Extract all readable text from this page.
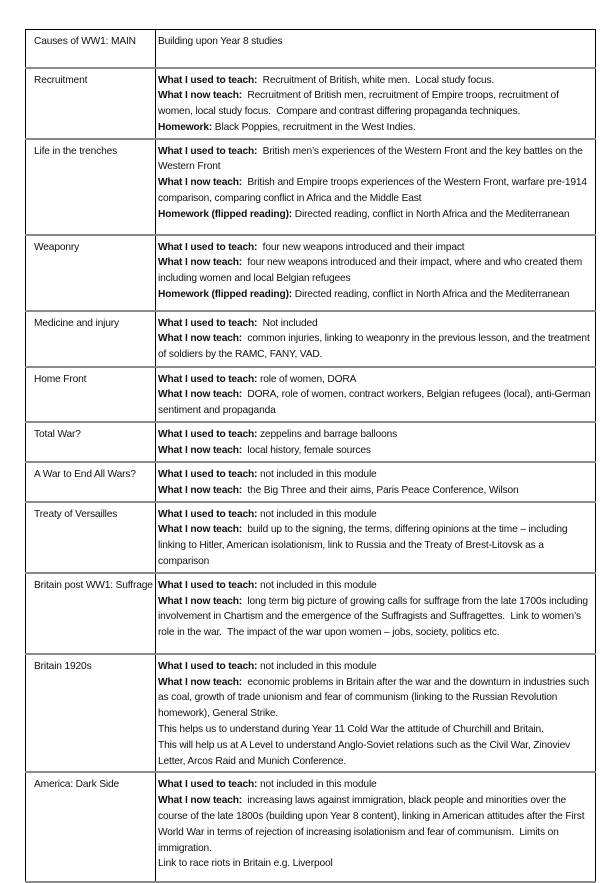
Causes of WW1: MAIN	Building upon Year 8 studies

Recruitment	What I used to teach:  Recruitment of British, white men.  Local study focus.
What I now teach:  Recruitment of British men, recruitment of Empire troops, recruitment of women, local study focus.  Compare and contrast differing propaganda techniques.
Homework: Black Poppies, recruitment in the West Indies.

Life in the trenches	What I used to teach:  British men’s experiences of the Western Front and the key battles on the Western Front
What I now teach:  British and Empire troops experiences of the Western Front, warfare pre-1914 comparison, comparing conflict in Africa and the Middle East
Homework (flipped reading): Directed reading, conflict in North Africa and the Mediterranean

Weaponry	What I used to teach:  four new weapons introduced and their impact
What I now teach:  four new weapons introduced and their impact, where and who created them including women and local Belgian refugees
Homework (flipped reading): Directed reading, conflict in North Africa and the Mediterranean

Medicine and injury	What I used to teach:  Not included
What I now teach:  common injuries, linking to weaponry in the previous lesson, and the treatment of soldiers by the RAMC, FANY, VAD.

Home Front	What I used to teach: role of women, DORA
What I now teach:  DORA, role of women, contract workers, Belgian refugees (local), anti-German sentiment and propaganda

Total War?	What I used to teach: zeppelins and barrage balloons
What I now teach:  local history, female sources

A War to End All Wars?	What I used to teach: not included in this module
What I now teach:  the Big Three and their aims, Paris Peace Conference, Wilson

Treaty of Versailles	What I used to teach: not included in this module
What I now teach:  build up to the signing, the terms, differing opinions at the time – including linking to Hitler, American isolationism, link to Russia and the Treaty of Brest-Litovsk as a comparison

Britain post WW1: Suffrage	What I used to teach: not included in this module
What I now teach:  long term big picture of growing calls for suffrage from the late 1700s including involvement in Chartism and the emergence of the Suffragists and Suffragettes.  Link to women’s role in the war.  The impact of the war upon women – jobs, society, politics etc.

Britain 1920s	What I used to teach: not included in this module
What I now teach:  economic problems in Britain after the war and the downturn in industries such as coal, growth of trade unionism and fear of communism (linking to the Russian Revolution homework), General Strike.
This helps us to understand during Year 11 Cold War the attitude of Churchill and Britain.
This will help us at A Level to understand Anglo-Soviet relations such as the Civil War, Zinoviev Letter, Arcos Raid and Munich Conference.

America: Dark Side	What I used to teach: not included in this module
What I now teach:  increasing laws against immigration, black people and minorities over the course of the late 1800s (building upon Year 8 content), linking in American attitudes after the First World War in terms of rejection of increasing isolationism and fear of communism.  Limits on immigration.
Link to race riots in Britain e.g. Liverpool
